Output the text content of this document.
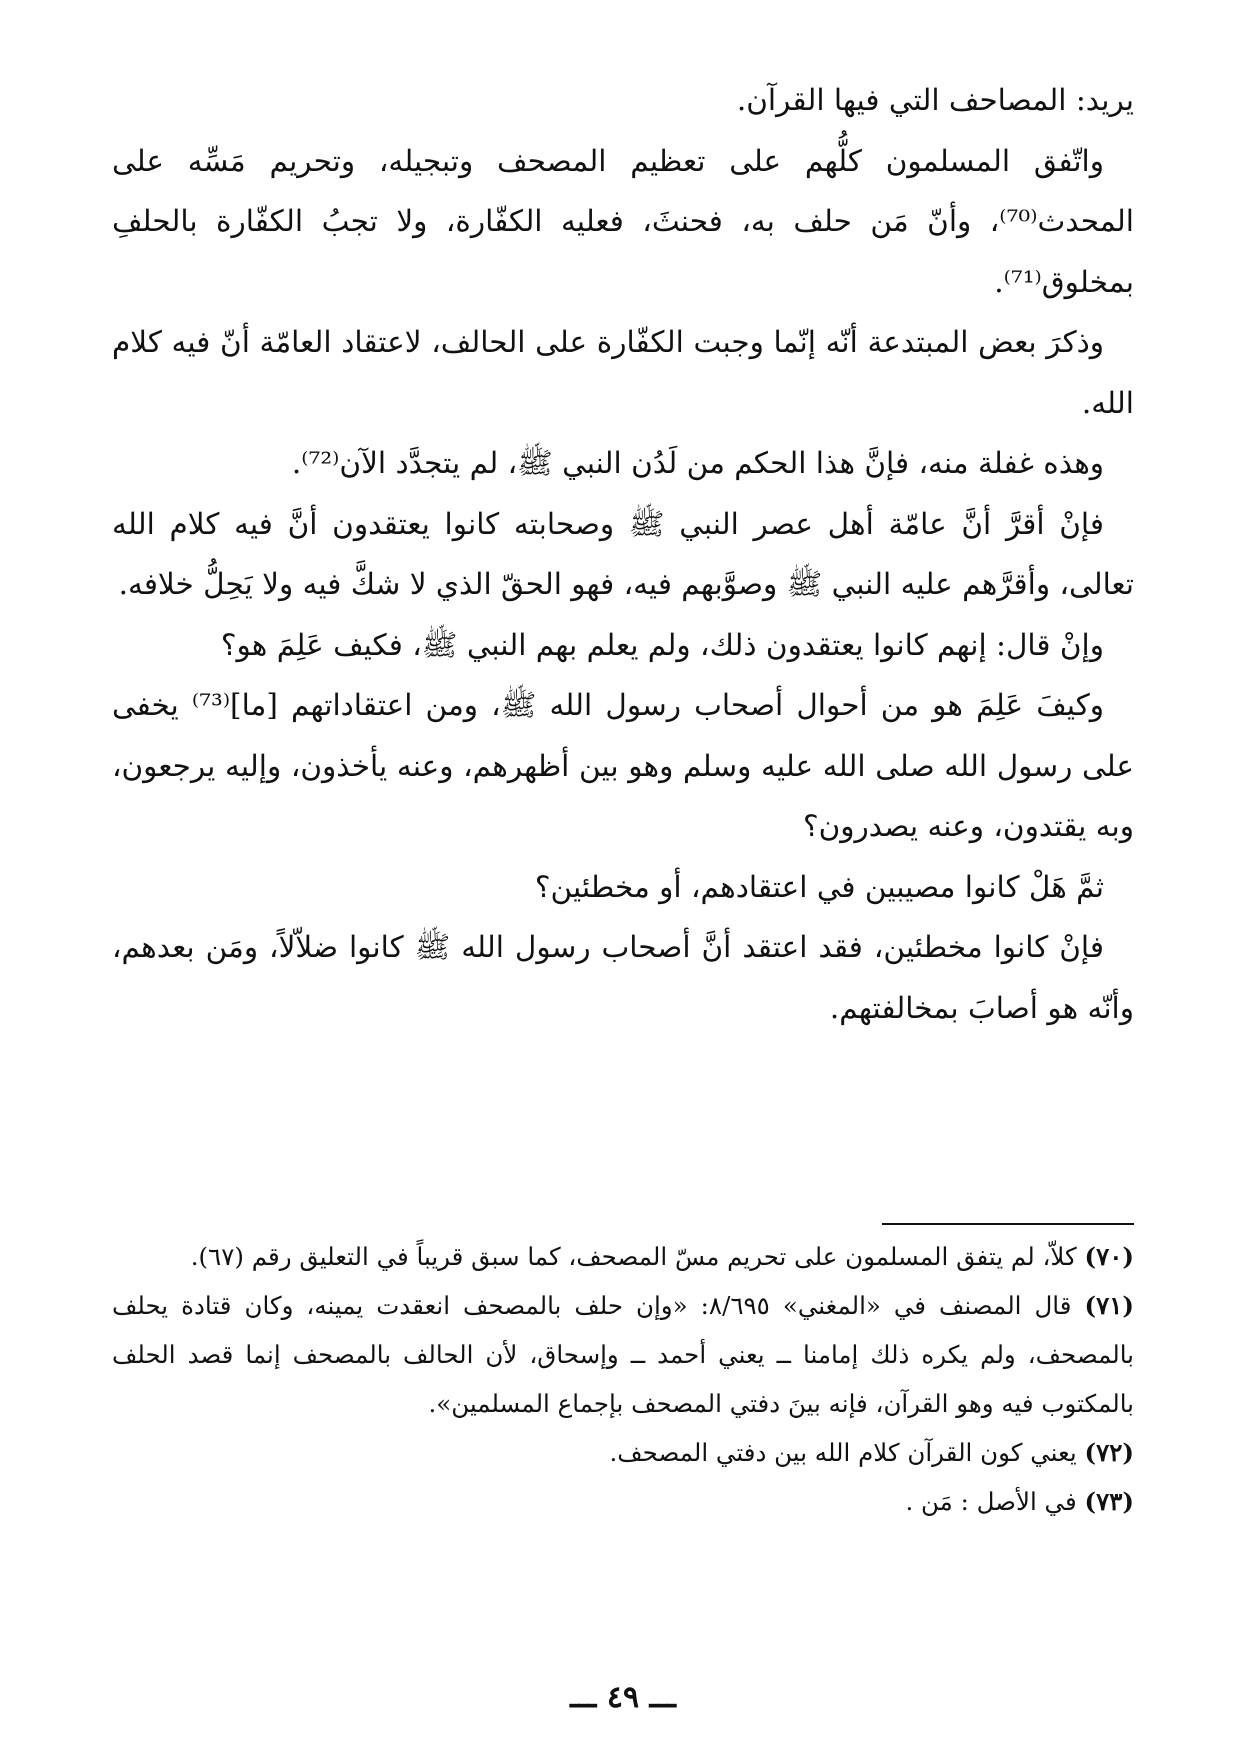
يريد: المصاحف التي فيها القرآن.

واتّفق المسلمون كلُّهم على تعظيم المصحف وتبجيله، وتحريم مَسِّه على المحدث⁽⁷⁰⁾، وأنّ مَن حلف به، فحنثَ، فعليه الكفّارة، ولا تجبُ الكفّارة بالحلفِ بمخلوق⁽⁷¹⁾.

وذكرَ بعض المبتدعة أنّه إنّما وجبت الكفّارة على الحالف، لاعتقاد العامّة أنّ فيه كلام الله.

وهذه غفلة منه، فإنَّ هذا الحكم من لَدُن النبي ﷺ، لم يتجدَّد الآن⁽⁷²⁾.

فإنْ أقرَّ أنَّ عامّة أهل عصر النبي ﷺ وصحابته كانوا يعتقدون أنَّ فيه كلام الله تعالى، وأقرَّهم عليه النبي ﷺ وصوَّبهم فيه، فهو الحقّ الذي لا شكَّ فيه ولا يَحِلُّ خلافه.

وإنْ قال: إنهم كانوا يعتقدون ذلك، ولم يعلم بهم النبي ﷺ، فكيف عَلِمَ هو؟

وكيفَ عَلِمَ هو من أحوال أصحاب رسول الله ﷺ، ومن اعتقاداتهم [ما]⁽⁷³⁾ يخفى على رسول الله صلى الله عليه وسلم وهو بين أظهرهم، وعنه يأخذون، وإليه يرجعون، وبه يقتدون، وعنه يصدرون؟

ثمَّ هَلْ كانوا مصيبين في اعتقادهم، أو مخطئين؟

فإنْ كانوا مخطئين، فقد اعتقد أنَّ أصحاب رسول الله ﷺ كانوا ضلاّلاً، ومَن بعدهم، وأنّه هو أصابَ بمخالفتهم.

(٧٠) كلاّ، لم يتفق المسلمون على تحريم مسّ المصحف، كما سبق قريباً في التعليق رقم (٦٧).

(٧١) قال المصنف في «المغني» ٨/٦٩٥: «وإن حلف بالمصحف انعقدت يمينه، وكان قتادة يحلف بالمصحف، ولم يكره ذلك إمامنا ــ يعني أحمد ــ وإسحاق، لأن الحالف بالمصحف إنما قصد الحلف بالمكتوب فيه وهو القرآن، فإنه بينَ دفتي المصحف بإجماع المسلمين».

(٧٢) يعني كون القرآن كلام الله بين دفتي المصحف.

(٧٣) في الأصل : مَن .

ـــ ٤٩ ـــ
